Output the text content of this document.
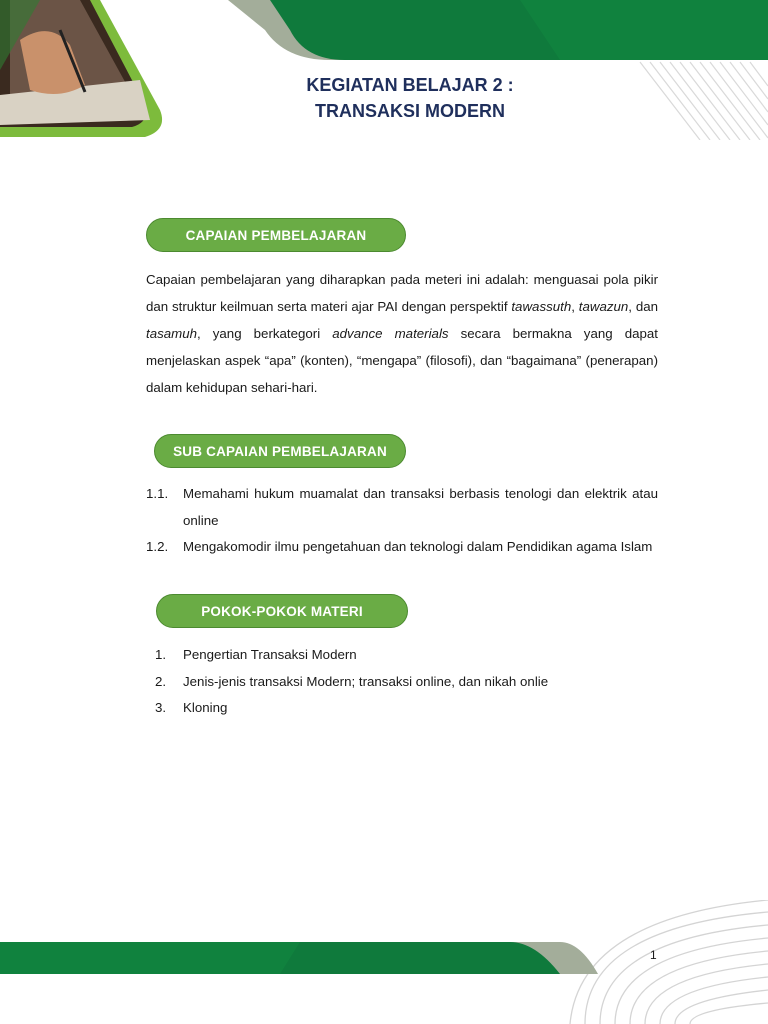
KEGIATAN BELAJAR 2 :
TRANSAKSI MODERN
CAPAIAN PEMBELAJARAN
Capaian pembelajaran yang diharapkan pada meteri ini adalah: menguasai pola pikir dan struktur keilmuan serta materi ajar PAI dengan perspektif tawassuth, tawazun, dan tasamuh, yang berkategori advance materials secara bermakna yang dapat menjelaskan aspek “apa” (konten), “mengapa” (filosofi), dan “bagaimana” (penerapan) dalam kehidupan sehari-hari.
SUB CAPAIAN PEMBELAJARAN
1.1.	Memahami hukum muamalat dan transaksi berbasis tenologi dan elektrik atau online
1.2.	Mengakomodir ilmu pengetahuan dan teknologi dalam Pendidikan agama Islam
POKOK-POKOK MATERI
1.	Pengertian Transaksi Modern
2.	Jenis-jenis transaksi Modern; transaksi online, dan nikah onlie
3.	Kloning
1
